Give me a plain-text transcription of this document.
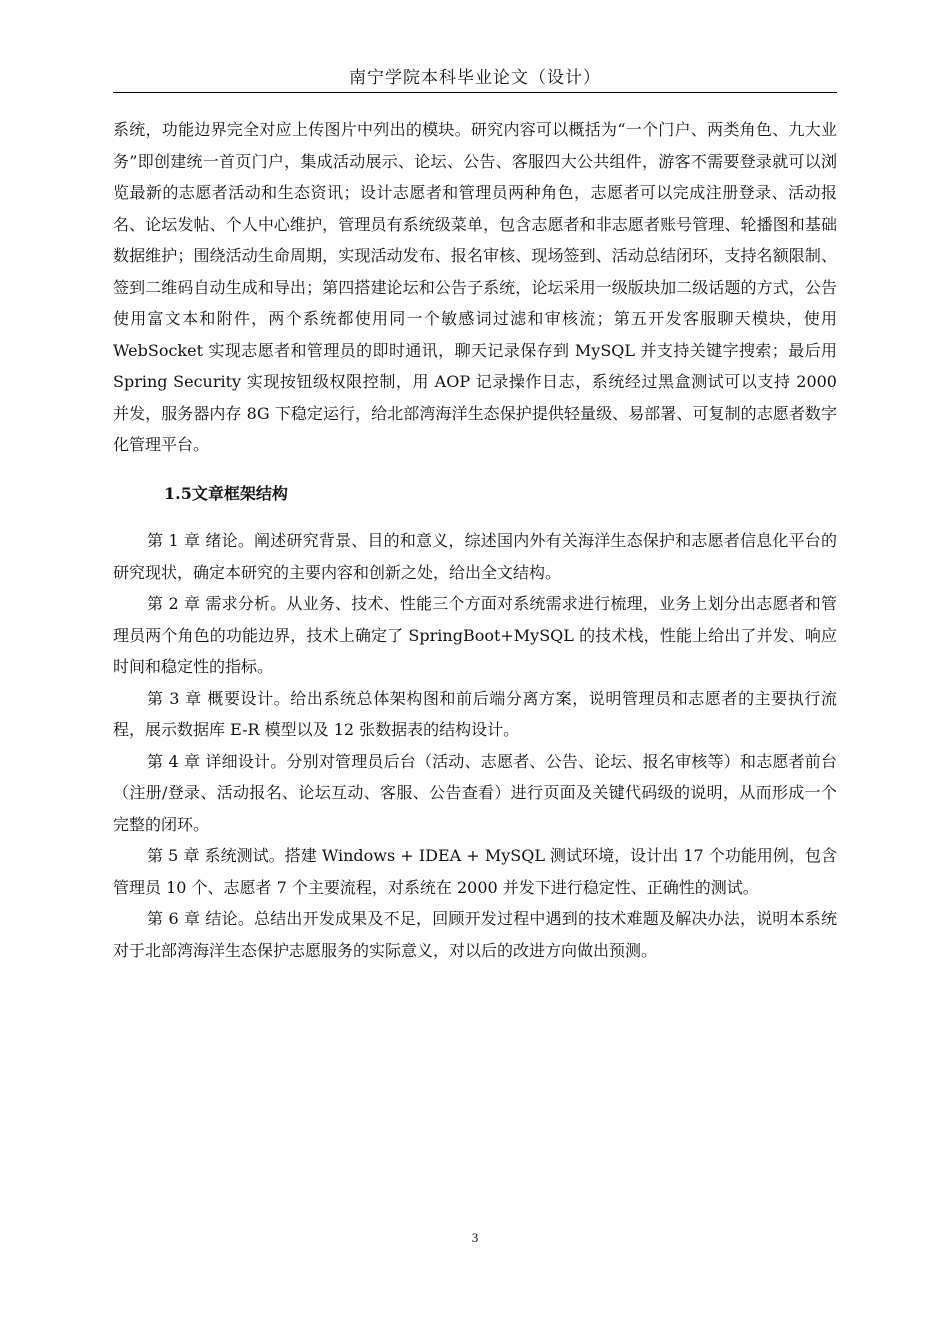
南宁学院本科毕业论文（设计）

系统，功能边界完全对应上传图片中列出的模块。研究内容可以概括为“一个门户、两类角色、九大业务”即创建统一首页门户，集成活动展示、论坛、公告、客服四大公共组件，游客不需要登录就可以浏览最新的志愿者活动和生态资讯；设计志愿者和管理员两种角色，志愿者可以完成注册登录、活动报名、论坛发帖、个人中心维护，管理员有系统级菜单，包含志愿者和非志愿者账号管理、轮播图和基础数据维护；围绕活动生命周期，实现活动发布、报名审核、现场签到、活动总结闭环，支持名额限制、签到二维码自动生成和导出；第四搭建论坛和公告子系统，论坛采用一级版块加二级话题的方式，公告使用富文本和附件，两个系统都使用同一个敏感词过滤和审核流；第五开发客服聊天模块，使用 WebSocket 实现志愿者和管理员的即时通讯，聊天记录保存到 MySQL 并支持关键字搜索；最后用 Spring Security 实现按钮级权限控制，用 AOP 记录操作日志，系统经过黑盒测试可以支持 2000 并发，服务器内存 8G 下稳定运行，给北部湾海洋生态保护提供轻量级、易部署、可复制的志愿者数字化管理平台。

1.5文章框架结构

第 1 章 绪论。阐述研究背景、目的和意义，综述国内外有关海洋生态保护和志愿者信息化平台的研究现状，确定本研究的主要内容和创新之处，给出全文结构。

第 2 章 需求分析。从业务、技术、性能三个方面对系统需求进行梳理，业务上划分出志愿者和管理员两个角色的功能边界，技术上确定了 SpringBoot+MySQL 的技术栈，性能上给出了并发、响应时间和稳定性的指标。

第 3 章 概要设计。给出系统总体架构图和前后端分离方案，说明管理员和志愿者的主要执行流程，展示数据库 E-R 模型以及 12 张数据表的结构设计。

第 4 章 详细设计。分别对管理员后台（活动、志愿者、公告、论坛、报名审核等）和志愿者前台（注册/登录、活动报名、论坛互动、客服、公告查看）进行页面及关键代码级的说明，从而形成一个完整的闭环。

第 5 章 系统测试。搭建 Windows + IDEA + MySQL 测试环境，设计出 17 个功能用例，包含管理员 10 个、志愿者 7 个主要流程，对系统在 2000 并发下进行稳定性、正确性的测试。

第 6 章 结论。总结出开发成果及不足，回顾开发过程中遇到的技术难题及解决办法，说明本系统对于北部湾海洋生态保护志愿服务的实际意义，对以后的改进方向做出预测。

3
